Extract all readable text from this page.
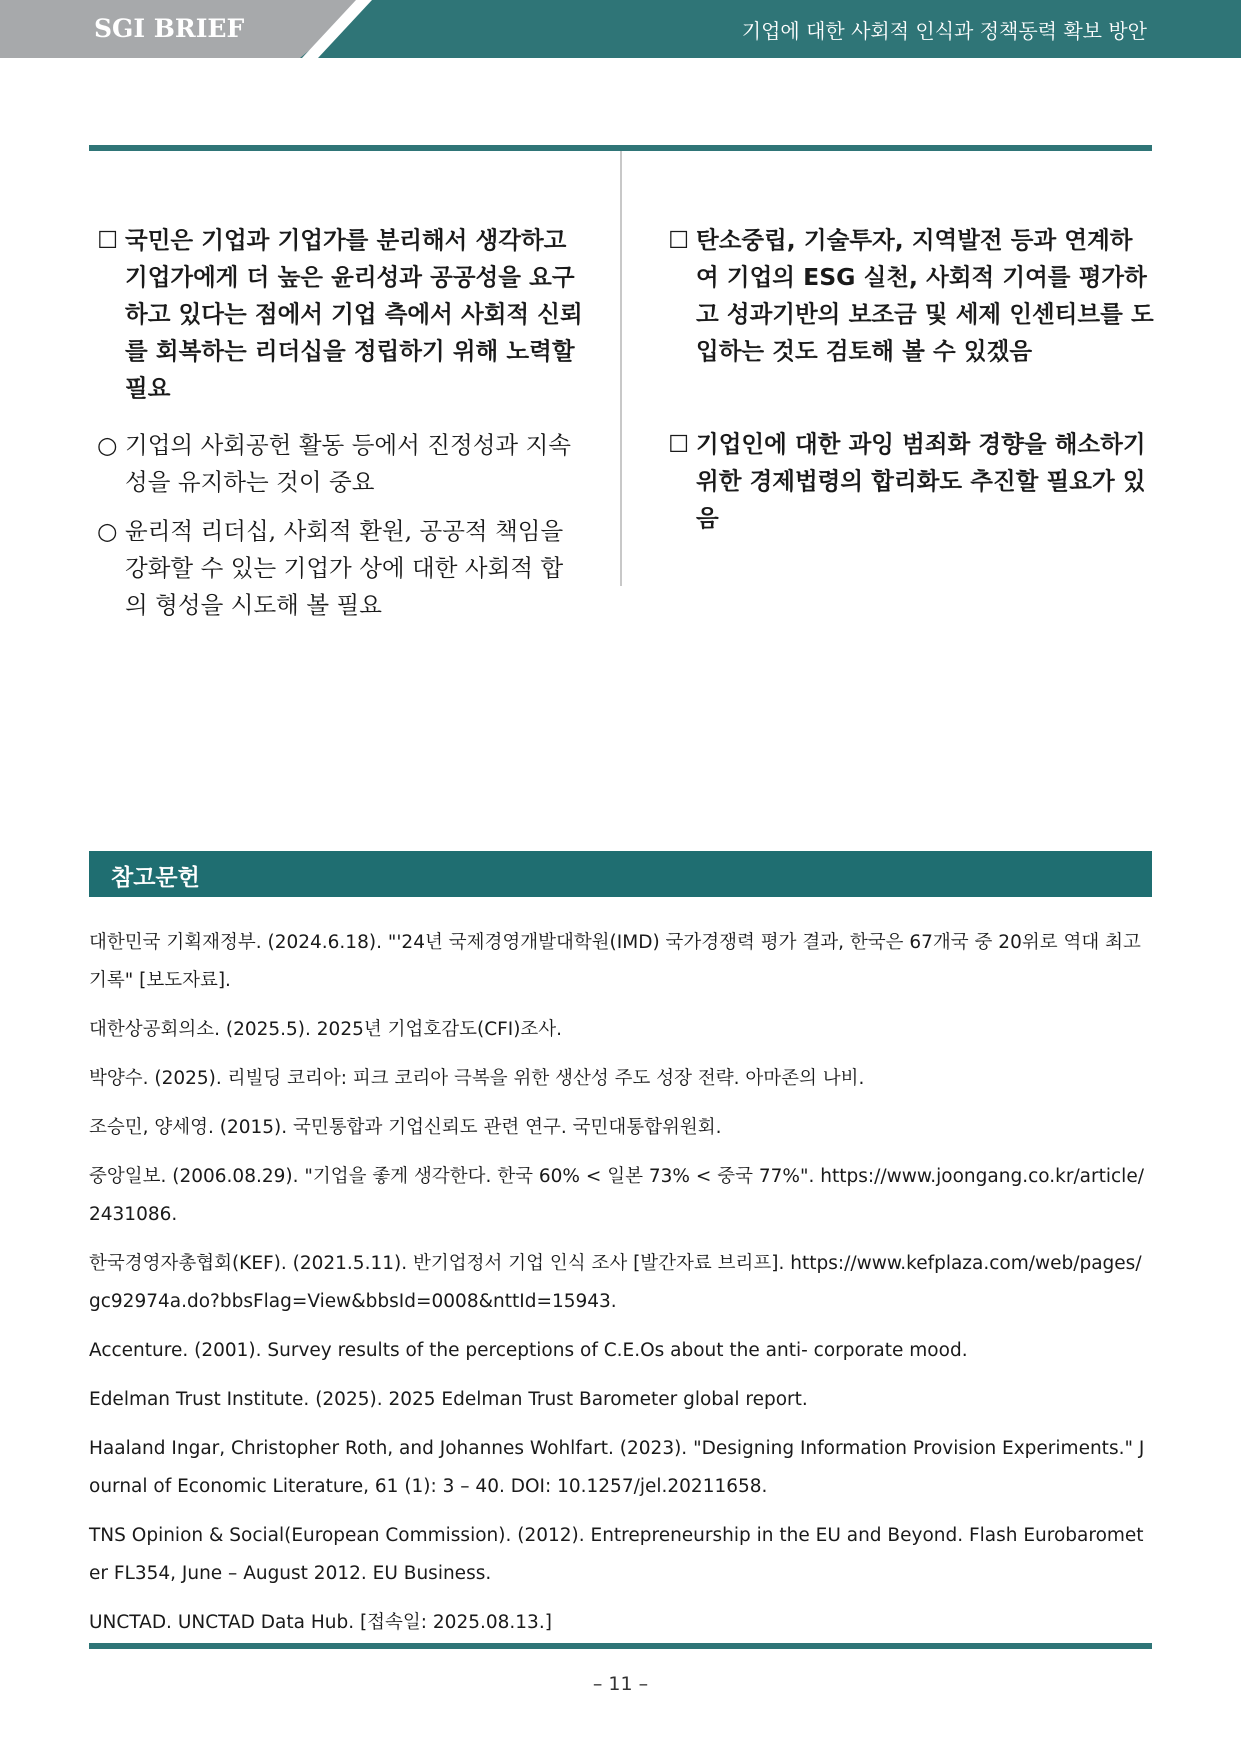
SGI BRIEF	기업에 대한 사회적 인식과 정책동력 확보 방안
☐ 국민은 기업과 기업가를 분리해서 생각하고 기업가에게 더 높은 윤리성과 공공성을 요구하고 있다는 점에서 기업 측에서 사회적 신뢰를 회복하는 리더십을 정립하기 위해 노력할 필요
○ 기업의 사회공헌 활동 등에서 진정성과 지속성을 유지하는 것이 중요
○ 윤리적 리더십, 사회적 환원, 공공적 책임을 강화할 수 있는 기업가 상에 대한 사회적 합의 형성을 시도해 볼 필요
☐ 탄소중립, 기술투자, 지역발전 등과 연계하여 기업의 ESG 실천, 사회적 기여를 평가하고 성과기반의 보조금 및 세제 인센티브를 도입하는 것도 검토해 볼 수 있겠음
☐ 기업인에 대한 과잉 범죄화 경향을 해소하기 위한 경제법령의 합리화도 추진할 필요가 있음
참고문헌
대한민국 기획재정부. (2024.6.18). "'24년 국제경영개발대학원(IMD) 국가경쟁력 평가 결과, 한국은 67개국 중 20위로 역대 최고 기록" [보도자료].
대한상공회의소. (2025.5). 2025년 기업호감도(CFI)조사.
박양수. (2025). 리빌딩 코리아: 피크 코리아 극복을 위한 생산성 주도 성장 전략. 아마존의 나비.
조승민, 양세영. (2015). 국민통합과 기업신뢰도 관련 연구. 국민대통합위원회.
중앙일보. (2006.08.29). "기업을 좋게 생각한다. 한국 60% < 일본 73% < 중국 77%". https://www.joongang.co.kr/article/2431086.
한국경영자총협회(KEF). (2021.5.11). 반기업정서 기업 인식 조사 [발간자료 브리프]. https://www.kefplaza.com/web/pages/gc92974a.do?bbsFlag=View&bbsId=0008&nttId=15943.
Accenture. (2001). Survey results of the perceptions of C.E.Os about the anti- corporate mood.
Edelman Trust Institute. (2025). 2025 Edelman Trust Barometer global report.
Haaland Ingar, Christopher Roth, and Johannes Wohlfart. (2023). "Designing Information Provision Experiments." Journal of Economic Literature, 61 (1): 3 – 40. DOI: 10.1257/jel.20211658.
TNS Opinion & Social(European Commission). (2012). Entrepreneurship in the EU and Beyond. Flash Eurobarometer FL354, June – August 2012. EU Business.
UNCTAD. UNCTAD Data Hub. [접속일: 2025.08.13.]
– 11 –
